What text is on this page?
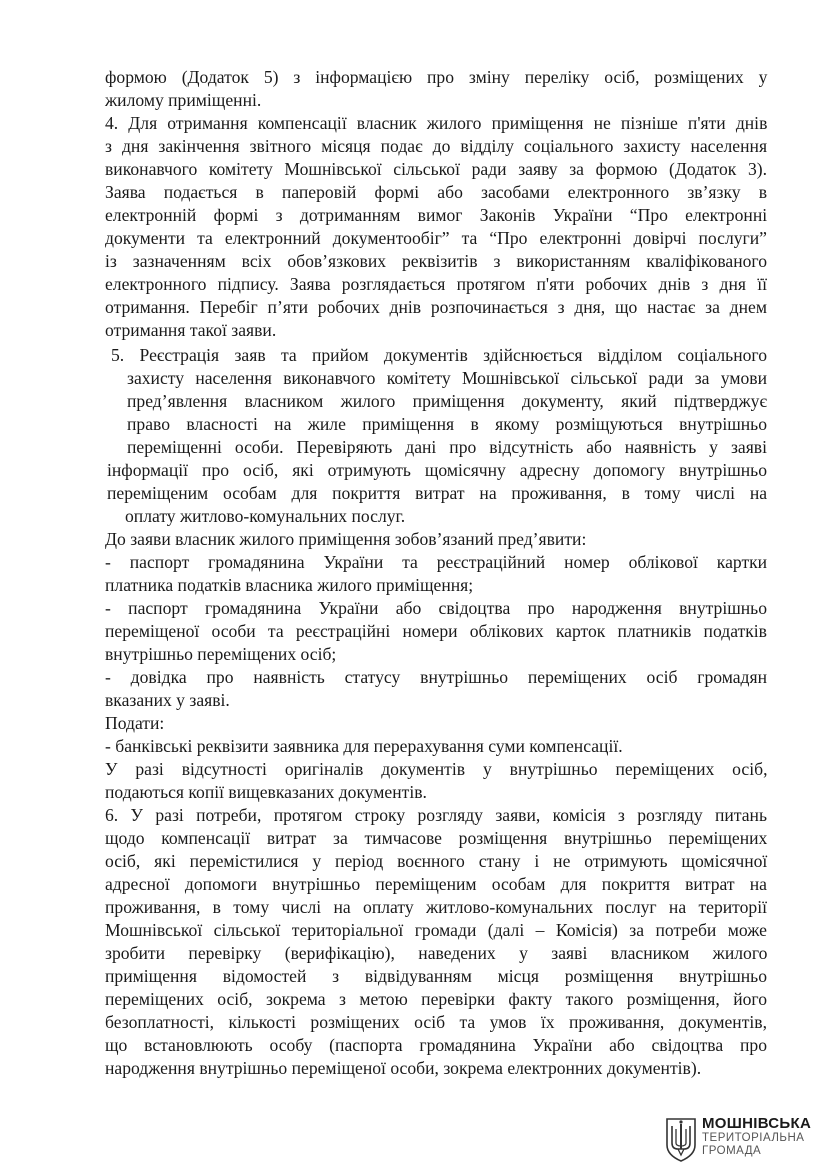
формою (Додаток 5) з інформацією про зміну переліку осіб, розміщених у
жилому приміщенні.
4. Для отримання компенсації власник жилого приміщення не пізніше п'яти днів
з дня закінчення звітного місяця подає до відділу соціального захисту населення
виконавчого комітету Мошнівської сільської ради заяву за формою (Додаток 3).
Заява подається в паперовій формі або засобами електронного зв’язку в
електронній формі з дотриманням вимог Законів України “Про електронні
документи та електронний документообіг” та “Про електронні довірчі послуги”
із зазначенням всіх обов’язкових реквізитів з використанням кваліфікованого
електронного підпису. Заява розглядається протягом п'яти робочих днів з дня її
отримання. Перебіг п’яти робочих днів розпочинається з дня, що настає за днем
отримання такої заяви.
5. Реєстрація заяв та прийом документів здійснюється відділом соціального
захисту населення виконавчого комітету Мошнівської сільської ради за умови
пред’явлення власником жилого приміщення документу, який підтверджує
право власності на жиле приміщення в якому розміщуються внутрішньо
переміщенні особи. Перевіряють дані про відсутність або наявність у заяві
інформації про осіб, які отримують щомісячну адресну допомогу внутрішньо
переміщеним особам для покриття витрат на проживання, в тому числі на
оплату житлово-комунальних послуг.
До заяви власник жилого приміщення зобов’язаний пред’явити:
- паспорт громадянина України та реєстраційний номер облікової картки
платника податків власника жилого приміщення;
- паспорт громадянина України або свідоцтва про народження внутрішньо
переміщеної особи та реєстраційні номери облікових карток платників податків
внутрішньо переміщених осіб;
- довідка про наявність статусу внутрішньо переміщених осіб громадян
вказаних у заяві.
Подати:
- банківські реквізити заявника для перерахування суми компенсації.
У разі відсутності оригіналів документів у внутрішньо переміщених осіб,
подаються копії вищевказаних документів.
6. У разі потреби, протягом строку розгляду заяви, комісія з розгляду питань
щодо компенсації витрат за тимчасове розміщення внутрішньо переміщених
осіб, які перемістилися у період воєнного стану і не отримують щомісячної
адресної допомоги внутрішньо переміщеним особам для покриття витрат на
проживання, в тому числі на оплату житлово-комунальних послуг на території
Мошнівської сільської територіальної громади (далі – Комісія) за потреби може
зробити перевірку (верифікацію), наведених у заяві власником жилого
приміщення відомостей з відвідуванням місця розміщення внутрішньо
переміщених осіб, зокрема з метою перевірки факту такого розміщення, його
безоплатності, кількості розміщених осіб та умов їх проживання, документів,
що встановлюють особу (паспорта громадянина України або свідоцтва про
народження внутрішньо переміщеної особи, зокрема електронних документів).
МОШНІВСЬКА
ТЕРИТОРІАЛЬНА
ГРОМАДА
